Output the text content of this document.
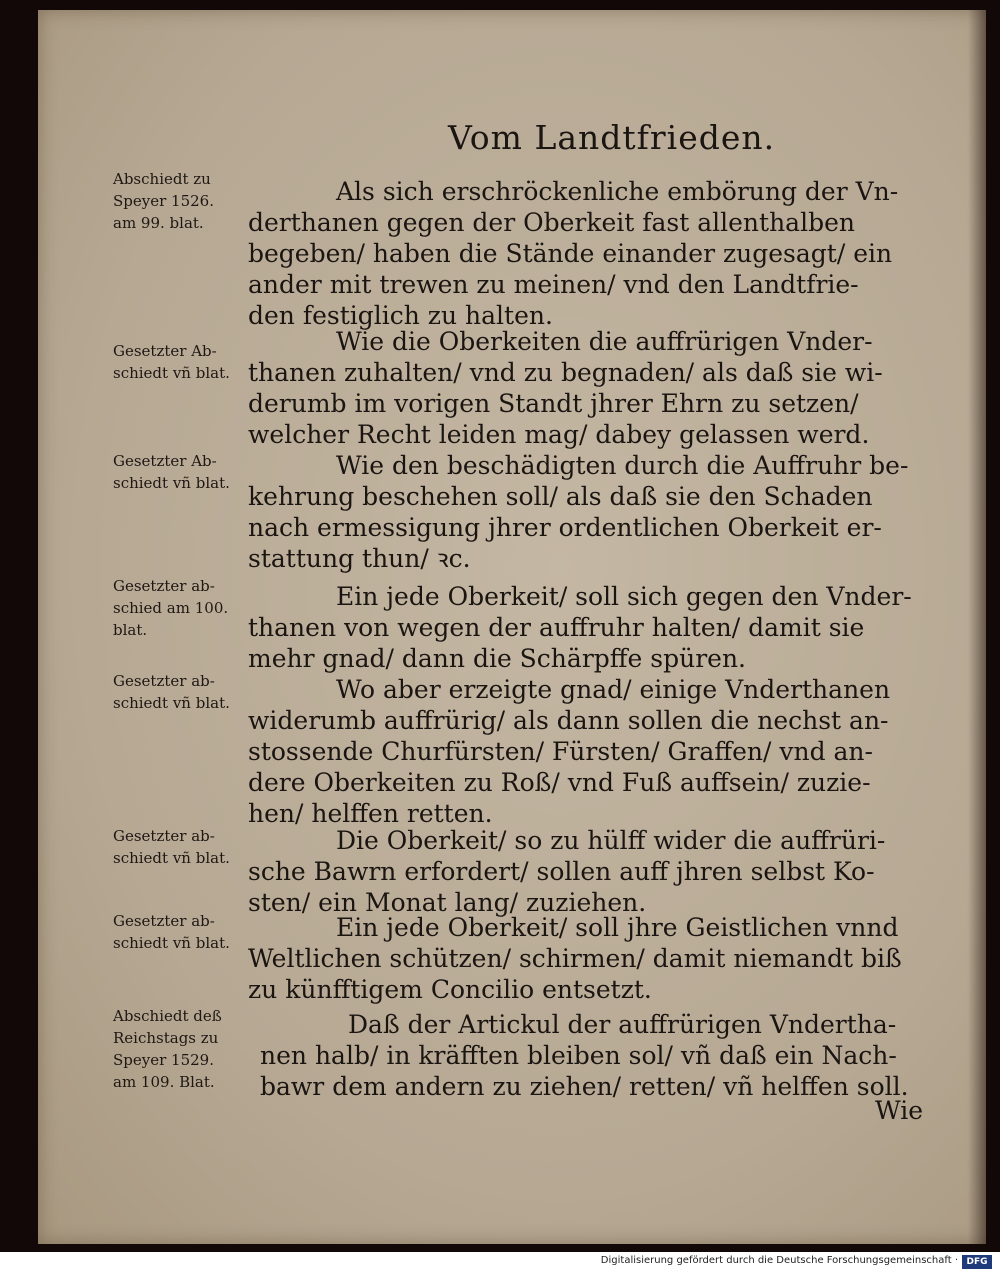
Vom Landtfrieden.
Abschiedt zu
Speyer 1526.
am 99. blat.
Als sich erschröckenliche embörung der Vn-
derthanen gegen der Oberkeit fast allenthalben
begeben/ haben die Stände einander zugesagt/ ein
ander mit trewen zu meinen/ vnd den Landtfrie-
den festiglich zu halten.
Gesetzter Ab-
schiedt vñ blat.
Wie die Oberkeiten die auffrürigen Vnder-
thanen zuhalten/ vnd zu begnaden/ als daß sie wi-
derumb im vorigen Standt jhrer Ehrn zu setzen/
welcher Recht leiden mag/ dabey gelassen werd.
Gesetzter Ab-
schiedt vñ blat.
Wie den beschädigten durch die Auffruhr be-
kehrung beschehen soll/ als daß sie den Schaden
nach ermessigung jhrer ordentlichen Oberkeit er-
stattung thun/ ꝛc.
Gesetzter ab-
schied am 100.
blat.
Ein jede Oberkeit/ soll sich gegen den Vnder-
thanen von wegen der auffruhr halten/ damit sie
mehr gnad/ dann die Schärpffe spüren.
Gesetzter ab-
schiedt vñ blat.	Wo aber erzeigte gnad/ einige Vnderthanen
widerumb auffrürig/ als dann sollen die nechst an-
stossende Churfürsten/ Fürsten/ Graffen/ vnd an-
dere Oberkeiten zu Roß/ vnd Fuß auffsein/ zuzie-
hen/ helffen retten.
Gesetzter ab-
schiedt vñ blat.
Die Oberkeit/ so zu hülff wider die auffrüri-
sche Bawrn erfordert/ sollen auff jhren selbst Ko-
sten/ ein Monat lang/ zuziehen.
Gesetzter ab-
schiedt vñ blat.
Ein jede Oberkeit/ soll jhre Geistlichen vnnd
Weltlichen schützen/ schirmen/ damit niemandt biß
zu künfftigem Concilio entsetzt.
Abschiedt deß
Reichstags zu
Speyer 1529.
am 109. Blat.
Daß der Artickul der auffrürigen Vndertha-
nen halb/ in kräfften bleiben sol/ vñ daß ein Nach-
bawr dem andern zu ziehen/ retten/ vñ helffen soll.
Wie
Digitalisierung gefördert durch die Deutsche Forschungsgemeinschaft · DFG
